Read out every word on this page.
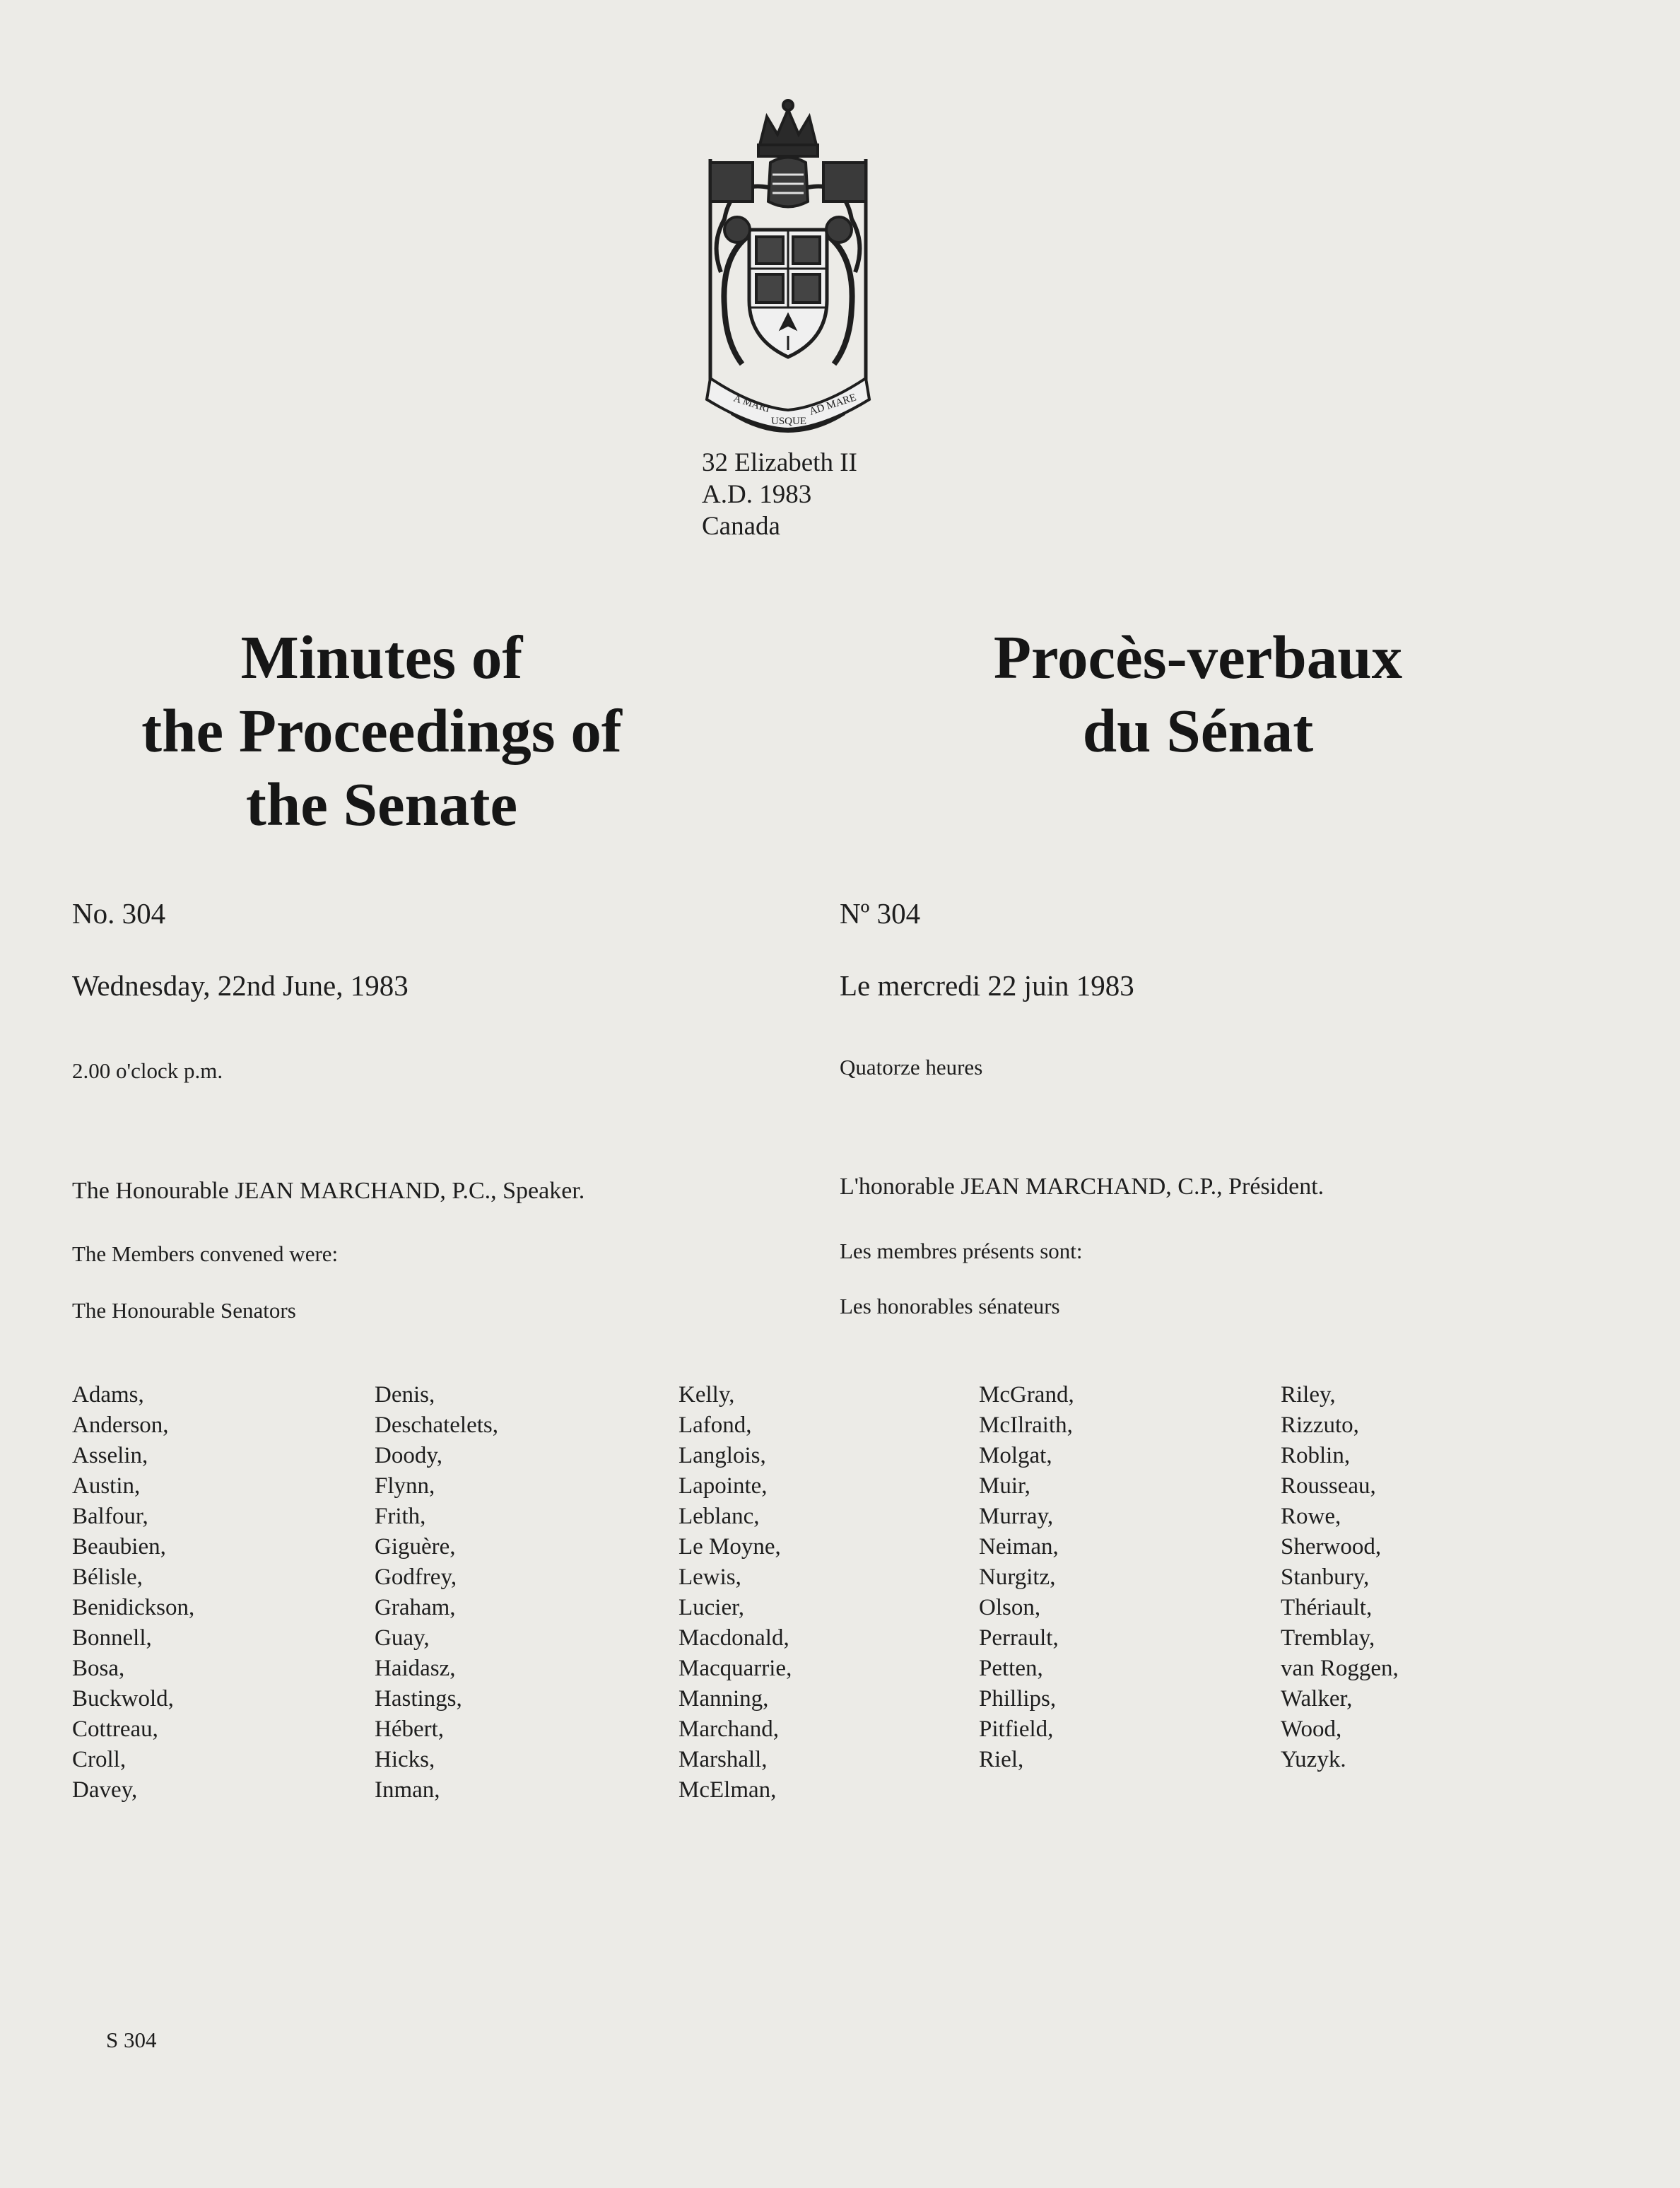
A MARI
USQUE
AD MARE
32 Elizabeth II
A.D. 1983
Canada
Minutes of
the Proceedings of
the Senate
Procès-verbaux
du Sénat
No. 304
Wednesday, 22nd June, 1983
2.00 o'clock p.m.
The Honourable JEAN MARCHAND, P.C., Speaker.
The Members convened were:
The Honourable Senators
Nº 304
Le mercredi 22 juin 1983
Quatorze heures
L'honorable JEAN MARCHAND, C.P., Président.
Les membres présents sont:
Les honorables sénateurs
Adams,
Anderson,
Asselin,
Austin,
Balfour,
Beaubien,
Bélisle,
Benidickson,
Bonnell,
Bosa,
Buckwold,
Cottreau,
Croll,
Davey,
Denis,
Deschatelets,
Doody,
Flynn,
Frith,
Giguère,
Godfrey,
Graham,
Guay,
Haidasz,
Hastings,
Hébert,
Hicks,
Inman,
Kelly,
Lafond,
Langlois,
Lapointe,
Leblanc,
Le Moyne,
Lewis,
Lucier,
Macdonald,
Macquarrie,
Manning,
Marchand,
Marshall,
McElman,
McGrand,
McIlraith,
Molgat,
Muir,
Murray,
Neiman,
Nurgitz,
Olson,
Perrault,
Petten,
Phillips,
Pitfield,
Riel,
Riley,
Rizzuto,
Roblin,
Rousseau,
Rowe,
Sherwood,
Stanbury,
Thériault,
Tremblay,
van Roggen,
Walker,
Wood,
Yuzyk.
S 304
